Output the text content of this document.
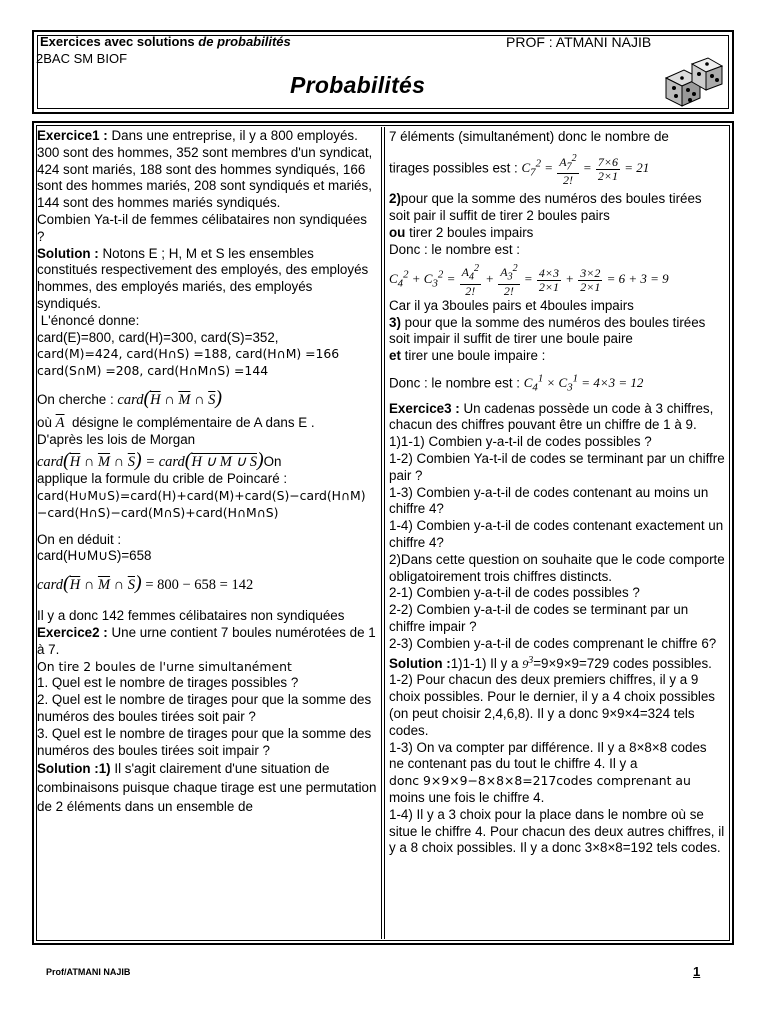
Exercices avec solutions de probabilités	PROF : ATMANI NAJIB
2BAC SM BIOF
Probabilités

Exercice1 : Dans une entreprise, il y a 800 employés. 300 sont des hommes, 352 sont membres d'un syndicat, 424 sont mariés, 188 sont des hommes syndiqués, 166 sont des hommes mariés, 208 sont syndiqués et mariés, 144 sont des hommes mariés syndiqués.

Combien Ya-t-il de femmes célibataires non syndiquées ?

Solution : Notons E ; H, M et S les ensembles constitués respectivement des employés, des employés hommes, des employés mariés, des employés syndiqués.

L'énoncé donne:

card(E)=800, card(H)=300, card(S)=352,

card(M)=424, card(H∩S) =188, card(H∩M) =166

card(S∩M) =208, card(H∩M∩S) =144

On cherche : $card(\overline{H}$ ∩ $\overline{M}$ ∩ $\overline{S}$)

où $\overline{A}$ désigne le complémentaire de A dans E .

D'après les lois de Morgan

$card(\overline{H}$ ∩ $\overline{M}$ ∩ $\overline{S}$) = card(H ∪ M ∪ S)On

applique la formule du crible de Poincaré :

card(H∪M∪S)=card(H)+card(M)+card(S)−card(H∩M)−card(H∩S)−card(M∩S)+card(H∩M∩S)

On en déduit :

card(H∪M∪S)=658

$card(\overline{H}$ ∩ $\overline{M}$ ∩ $\overline{S}) = 800 - 658 = 142$

Il y a donc 142 femmes célibataires non syndiquées

Exercice2 : Une urne contient 7 boules numérotées de 1 à 7.

On tire 2 boules de l'urne simultanément

1. Quel est le nombre de tirages possibles ?

2. Quel est le nombre de tirages pour que la somme des numéros des boules tirées soit pair ?

3. Quel est le nombre de tirages pour que la somme des numéros des boules tirées soit impair ?

Solution :1) Il s'agit clairement d'une situation de combinaisons puisque chaque tirage est une permutation de 2 éléments dans un ensemble de

7 éléments (simultanément) donc le nombre de

tirages possibles est : $C_7^2 = \frac{A_7^2}{2!} = \frac{7\times 6}{2\times 1} = 21$

2)pour que la somme des numéros des boules tirées soit pair il suffit de tirer 2 boules pairs

ou tirer 2 boules impairs

Donc : le nombre est :

$C_4^2 + C_3^2 = \frac{A_4^2}{2!} + \frac{A_3^2}{2!} = \frac{4\times 3}{2\times 1} + \frac{3\times 2}{2\times 1} = 6 + 3 = 9$

Car il ya 3boules pairs et 4boules impairs

3) pour que la somme des numéros des boules tirées soit impair il suffit de tirer une boule paire

et tirer une boule impaire :

Donc : le nombre est : $C_4^1 \times C_3^1 = 4\times 3 = 12$

Exercice3 : Un cadenas possède un code à 3 chiffres, chacun des chiffres pouvant être un chiffre de 1 à 9.

1)1-1) Combien y-a-t-il de codes possibles ?

1-2) Combien Ya-t-il de codes se terminant par un chiffre pair ?

1-3) Combien y-a-t-il de codes contenant au moins un chiffre 4?

1-4) Combien y-a-t-il de codes contenant exactement un chiffre 4?

2)Dans cette question on souhaite que le code comporte obligatoirement trois chiffres distincts.

2-1) Combien y-a-t-il de codes possibles ?

2-2) Combien y-a-t-il de codes se terminant par un chiffre impair ?

2-3) Combien y-a-t-il de codes comprenant le chiffre 6?

Solution :1)1-1) Il y a $9^3=9\times 9\times 9=729$ codes possibles.

1-2) Pour chacun des deux premiers chiffres, il y a 9 choix possibles. Pour le dernier, il y a 4 choix possibles (on peut choisir 2,4,6,8). Il y a donc 9×9×4=324 tels codes.

1-3) On va compter par différence. Il y a 8×8×8 codes ne contenant pas du tout le chiffre 4. Il y a

donc 9×9×9−8×8×8=217codes comprenant au

moins une fois le chiffre 4.

1-4) Il y a 3 choix pour la place dans le nombre où se situe le chiffre 4. Pour chacun des deux autres chiffres, il y a 8 choix possibles. Il y a donc 3×8×8=192 tels codes.

Prof/ATMANI NAJIB	1
